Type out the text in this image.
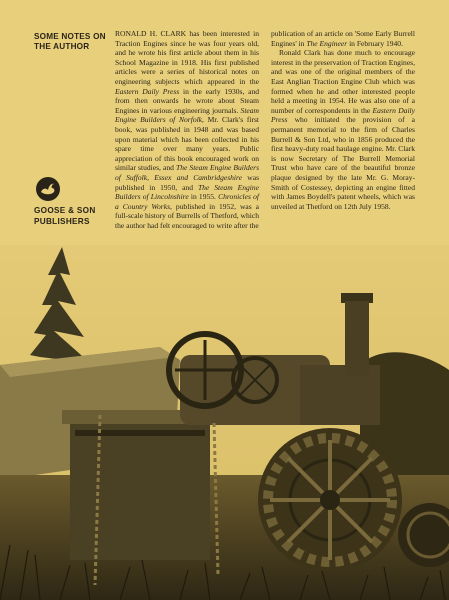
SOME NOTES ON
THE AUTHOR
GOOSE & SON
PUBLISHERS

RONALD H. CLARK has been interested in Traction Engines since he was four years old, and he wrote his first article about them in his School Magazine in 1918. His first published articles were a series of historical notes on engineering subjects which appeared in the Eastern Daily Press in the early 1930s, and from then onwards he wrote about Steam Engines in various engineering journals. Steam Engine Builders of Norfolk, Mr. Clark's first book, was published in 1948 and was based upon material which has been collected in his spare time over many years. Public appreciation of this book encouraged work on similar studies, and The Steam Engine Builders of Suffolk, Essex and Cambridgeshire was published in 1950, and The Steam Engine Builders of Lincolnshire in 1955. Chronicles of a Country Works, published in 1952, was a full-scale history of Burrells of Thetford, which the author had felt encouraged to write after the

publication of an article on 'Some Early Burrell Engines' in The Engineer in February 1940.

Ronald Clark has done much to encourage interest in the preservation of Traction Engines, and was one of the original members of the East Anglian Traction Engine Club which was formed when he and other interested people held a meeting in 1954. He was also one of a number of correspondents in the Eastern Daily Press who initiated the provision of a permanent memorial to the firm of Charles Burrell & Son Ltd, who in 1856 produced the first heavy-duty road haulage engine. Mr. Clark is now Secretary of The Burrell Memorial Trust who have care of the beautiful bronze plaque designed by the late Mr. G. Moray-Smith of Costessey, depicting an engine fitted with James Boydell's patent wheels, which was unveiled at Thetford on 12th July 1958.
